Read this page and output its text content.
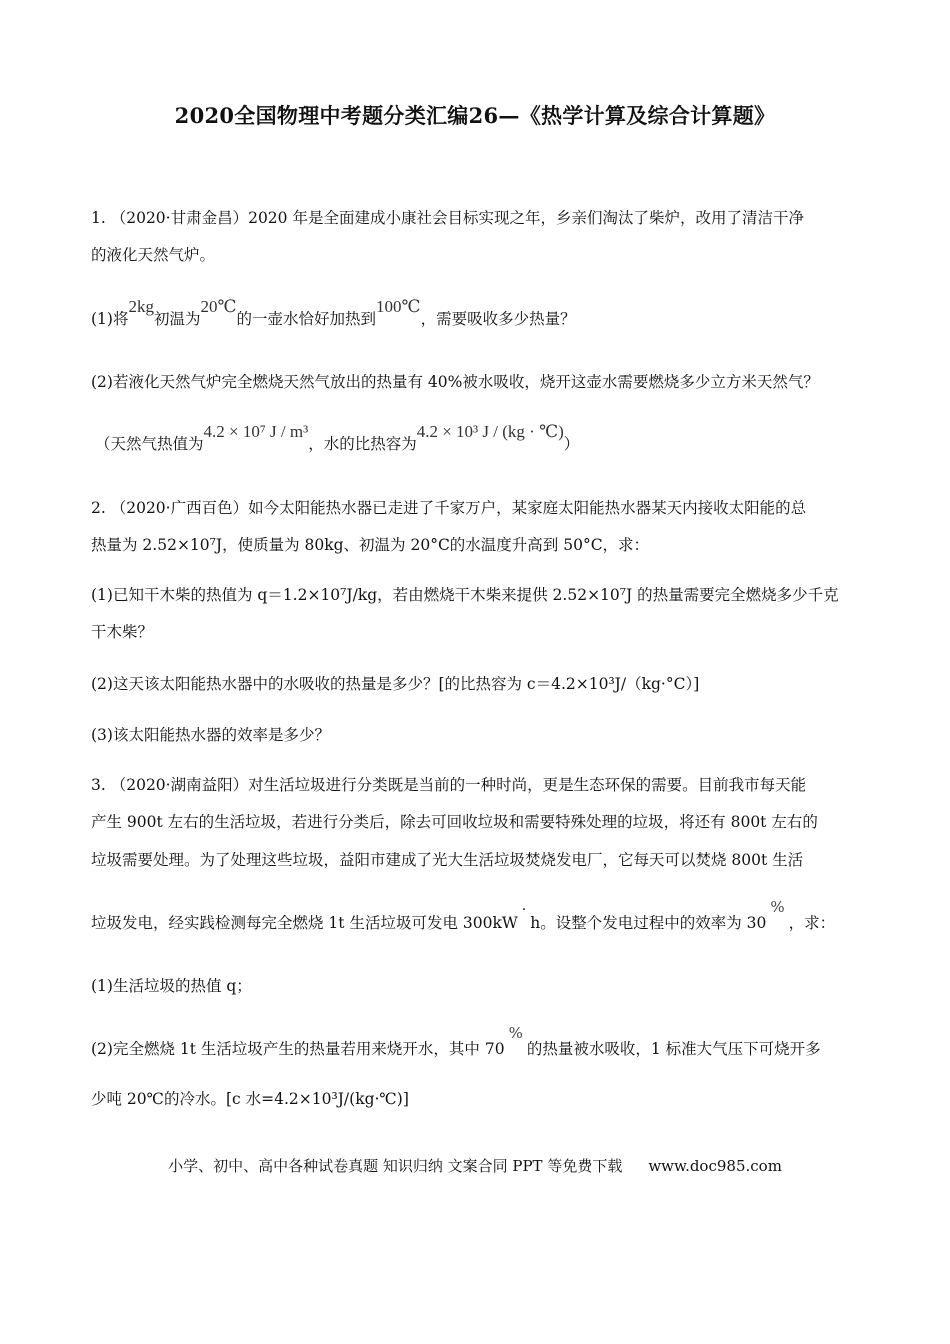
2020全国物理中考题分类汇编26—《热学计算及综合计算题》
1. （2020·甘肃金昌）2020 年是全面建成小康社会目标实现之年，乡亲们淘汰了柴炉，改用了清洁干净
的液化天然气炉。
(1)将2kg初温为20℃的一壶水恰好加热到100℃，需要吸收多少热量？
(2)若液化天然气炉完全燃烧天然气放出的热量有 40%被水吸收，烧开这壶水需要燃烧多少立方米天然气？
（天然气热值为4.2 × 10⁷ J / m³，水的比热容为4.2 × 10³ J / (kg · ℃)）
2. （2020·广西百色）如今太阳能热水器已走进了千家万户，某家庭太阳能热水器某天内接收太阳能的总
热量为 2.52×10⁷J，使质量为 80kg、初温为 20°C的水温度升高到 50°C，求：
(1)已知干木柴的热值为 q＝1.2×10⁷J/kg，若由燃烧干木柴来提供 2.52×10⁷J 的热量需要完全燃烧多少千克
干木柴？
(2)这天该太阳能热水器中的水吸收的热量是多少？[的比热容为 c＝4.2×10³J/（kg·°C）]
(3)该太阳能热水器的效率是多少？
3. （2020·湖南益阳）对生活垃圾进行分类既是当前的一种时尚，更是生态环保的需要。目前我市每天能
产生 900t 左右的生活垃圾，若进行分类后，除去可回收垃圾和需要特殊处理的垃圾，将还有 800t 左右的
垃圾需要处理。为了处理这些垃圾，益阳市建成了光大生活垃圾焚烧发电厂，它每天可以焚烧 800t 生活
垃圾发电，经实践检测每完全燃烧 1t 生活垃圾可发电 300kW·h。设整个发电过程中的效率为 30%，求：
(1)生活垃圾的热值 q；
(2)完全燃烧 1t 生活垃圾产生的热量若用来烧开水，其中 70%的热量被水吸收，1 标准大气压下可烧开多
少吨 20℃的冷水。[c 水=4.2×10³J/(kg·℃)]
小学、初中、高中各种试卷真题 知识归纳 文案合同 PPT 等免费下载 www.doc985.com
